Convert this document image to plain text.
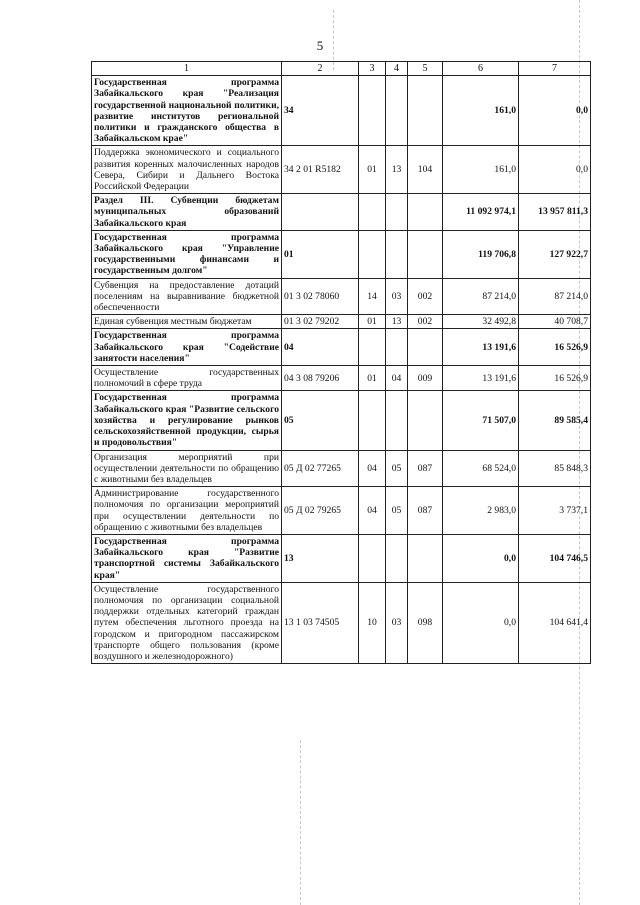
5
1	2	3	4	5	6	7
Государственная программа Забайкальского края "Реализация государственной национальной политики, развитие институтов региональной политики и гражданского общества в Забайкальском крае"	34				161,0	0,0
Поддержка экономического и социального развития коренных малочисленных народов Севера, Сибири и Дальнего Востока Российской Федерации	34 2 01 R5182	01	13	104	161,0	0,0
Раздел III. Субвенции бюджетам муниципальных образований Забайкальского края					11 092 974,1	13 957 811,3
Государственная программа Забайкальского края "Управление государственными финансами и государственным долгом"	01				119 706,8	127 922,7
Субвенция на предоставление дотаций поселениям на выравнивание бюджетной обеспеченности	01 3 02 78060	14	03	002	87 214,0	87 214,0
Единая субвенция местным бюджетам	01 3 02 79202	01	13	002	32 492,8	40 708,7
Государственная программа Забайкальского края "Содействие занятости населения"	04				13 191,6	16 526,9
Осуществление государственных полномочий в сфере труда	04 3 08 79206	01	04	009	13 191,6	16 526,9
Государственная программа Забайкальского края "Развитие сельского хозяйства и регулирование рынков сельскохозяйственной продукции, сырья и продовольствия"	05				71 507,0	89 585,4
Организация мероприятий при осуществлении деятельности по обращению с животными без владельцев	05 Д 02 77265	04	05	087	68 524,0	85 848,3
Администрирование государственного полномочия по организации мероприятий при осуществлении деятельности по обращению с животными без владельцев	05 Д 02 79265	04	05	087	2 983,0	3 737,1
Государственная программа Забайкальского края "Развитие транспортной системы Забайкальского края"	13				0,0	104 746,5
Осуществление государственного полномочия по организации социальной поддержки отдельных категорий граждан путем обеспечения льготного проезда на городском и пригородном пассажирском транспорте общего пользования (кроме воздушного и железнодорожного)	13 1 03 74505	10	03	098	0,0	104 641,4
